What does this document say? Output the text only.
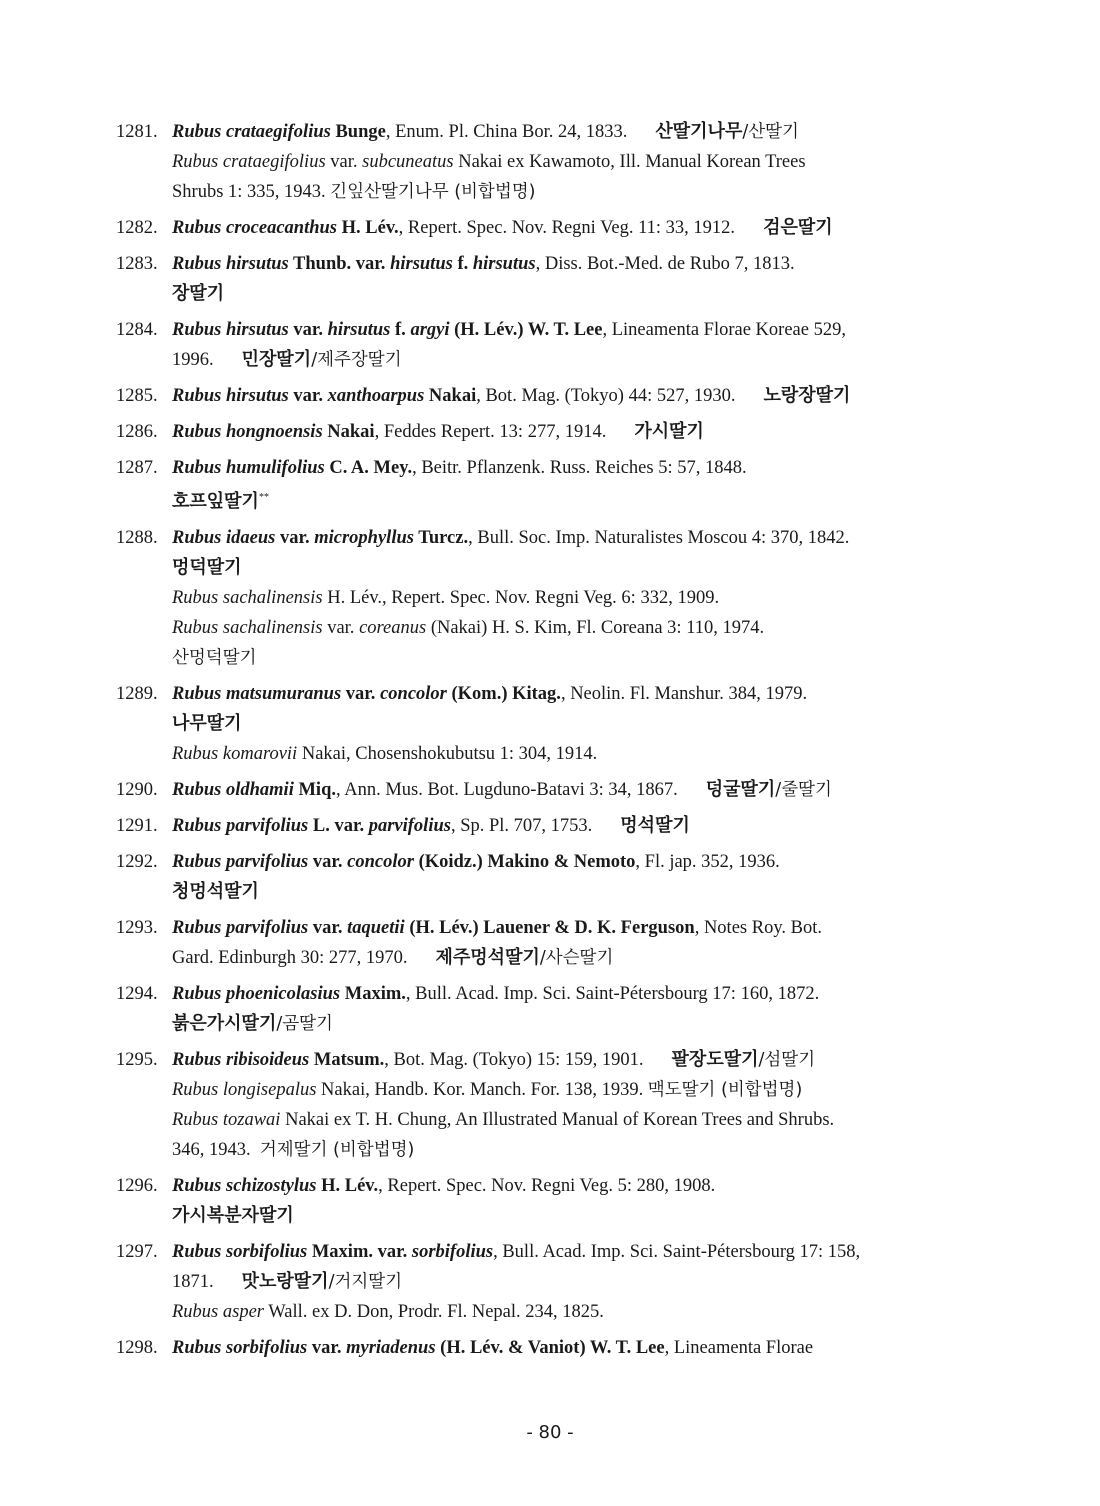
1281. Rubus crataegifolius Bunge, Enum. Pl. China Bor. 24, 1833. 산딸기나무/산딸기
Rubus crataegifolius var. subcuneatus Nakai ex Kawamoto, Ill. Manual Korean Trees
Shrubs 1: 335, 1943. 긴잎산딸기나무 (비합법명)
1282. Rubus croceacanthus H. Lév., Repert. Spec. Nov. Regni Veg. 11: 33, 1912. 검은딸기
1283. Rubus hirsutus Thunb. var. hirsutus f. hirsutus, Diss. Bot.-Med. de Rubo 7, 1813.
장딸기
1284. Rubus hirsutus var. hirsutus f. argyi (H. Lév.) W. T. Lee, Lineamenta Florae Koreae 529,
1996. 민장딸기/제주장딸기
1285. Rubus hirsutus var. xanthoarpus Nakai, Bot. Mag. (Tokyo) 44: 527, 1930. 노랑장딸기
1286. Rubus hongnoensis Nakai, Feddes Repert. 13: 277, 1914. 가시딸기
1287. Rubus humulifolius C. A. Mey., Beitr. Pflanzenk. Russ. Reiches 5: 57, 1848.
호프잎딸기**
1288. Rubus idaeus var. microphyllus Turcz., Bull. Soc. Imp. Naturalistes Moscou 4: 370, 1842.
멍덕딸기
Rubus sachalinensis H. Lév., Repert. Spec. Nov. Regni Veg. 6: 332, 1909.
Rubus sachalinensis var. coreanus (Nakai) H. S. Kim, Fl. Coreana 3: 110, 1974.
산멍덕딸기
1289. Rubus matsumuranus var. concolor (Kom.) Kitag., Neolin. Fl. Manshur. 384, 1979.
나무딸기
Rubus komarovii Nakai, Chosenshokubutsu 1: 304, 1914.
1290. Rubus oldhamii Miq., Ann. Mus. Bot. Lugduno-Batavi 3: 34, 1867. 덩굴딸기/줄딸기
1291. Rubus parvifolius L. var. parvifolius, Sp. Pl. 707, 1753. 멍석딸기
1292. Rubus parvifolius var. concolor (Koidz.) Makino & Nemoto, Fl. jap. 352, 1936.
청멍석딸기
1293. Rubus parvifolius var. taquetii (H. Lév.) Lauener & D. K. Ferguson, Notes Roy. Bot.
Gard. Edinburgh 30: 277, 1970. 제주멍석딸기/사슨딸기
1294. Rubus phoenicolasius Maxim., Bull. Acad. Imp. Sci. Saint-Pétersbourg 17: 160, 1872.
붉은가시딸기/곰딸기
1295. Rubus ribisoideus Matsum., Bot. Mag. (Tokyo) 15: 159, 1901. 팔장도딸기/섬딸기
Rubus longisepalus Nakai, Handb. Kor. Manch. For. 138, 1939. 맥도딸기 (비합법명)
Rubus tozawai Nakai ex T. H. Chung, An Illustrated Manual of Korean Trees and Shrubs.
346, 1943. 거제딸기 (비합법명)
1296. Rubus schizostylus H. Lév., Repert. Spec. Nov. Regni Veg. 5: 280, 1908.
가시복분자딸기
1297. Rubus sorbifolius Maxim. var. sorbifolius, Bull. Acad. Imp. Sci. Saint-Pétersbourg 17: 158,
1871. 맛노랑딸기/거지딸기
Rubus asper Wall. ex D. Don, Prodr. Fl. Nepal. 234, 1825.
1298. Rubus sorbifolius var. myriadenus (H. Lév. & Vaniot) W. T. Lee, Lineamenta Florae
- 80 -
